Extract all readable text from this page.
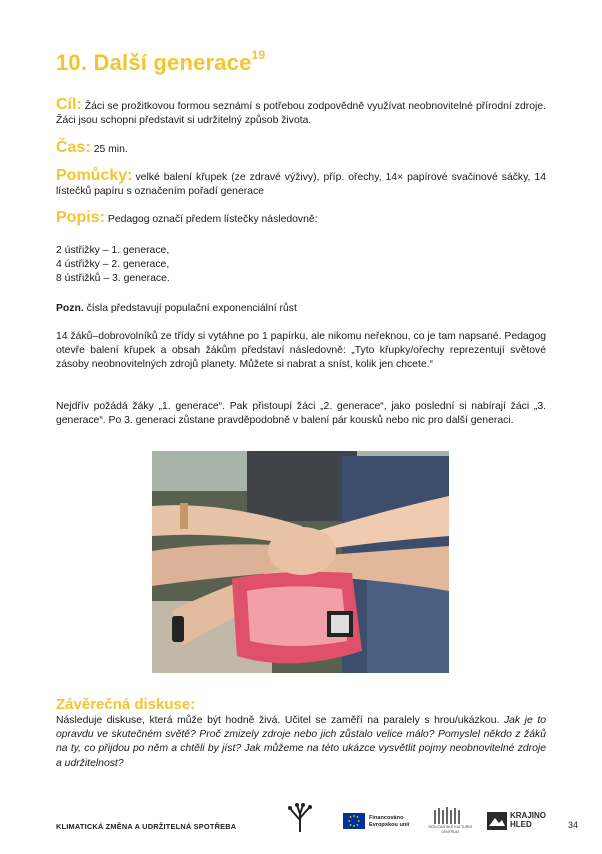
10. Další generace$^{19}$
Cíl: Žáci se prožitkovou formou seznámí s potřebou zodpovědně využívat neobnovitelné přírodní zdroje. Žáci jsou schopni představit si udržitelný způsob života.
Čas: 25 min.
Pomůcky: velké balení křupek (ze zdravé výživy), příp. ořechy, 14× papírové svačinové sáčky, 14 lístečků papíru s označením pořadí generace
Popis: Pedagog označí předem lístečky následovně:

2 ústřižky – 1. generace,

4 ústřižky – 2. generace,

8 ústřižků – 3. generace.

Pozn. čísla představují populační exponenciální růst

14 žáků–dobrovolníků ze třídy si vytáhne po 1 papírku, ale nikomu neřeknou, co je tam napsané. Pedagog otevře balení křupek a obsah žákům představí následovně: „Tyto křupky/ořechy reprezentují světové zásoby neobnovitelných zdrojů planety. Můžete si nabrat a sníst, kolik jen chcete.“

Nejdřív požádá žáky „1. generace“. Pak přistoupí žáci „2. generace“, jako poslední si nabírají žáci „3. generace“. Po 3. generaci zůstane pravděpodobně v balení pár kousků nebo nic pro další generaci.

Závěrečná diskuse:
Následuje diskuse, která může být hodně živá. Učitel se zaměří na paralely s hrou/ukázkou. Jak je to opravdu ve skutečném světě? Proč zmizely zdroje nebo jich zůstalo velice málo? Pomyslel někdo z žáků na ty, co přijdou po něm a chtěli by jíst? Jak můžeme na této ukázce vysvětlit pojmy neobnovitelné zdroje a udržitelnost?
KLIMATICKÁ ZMĚNA A UDRŽITELNÁ SPOTŘEBA
Financováno Evropskou unií	SEDLČAN SKÉ KULTURNÍ CENTRUM
KRAJINO
HLED	34
